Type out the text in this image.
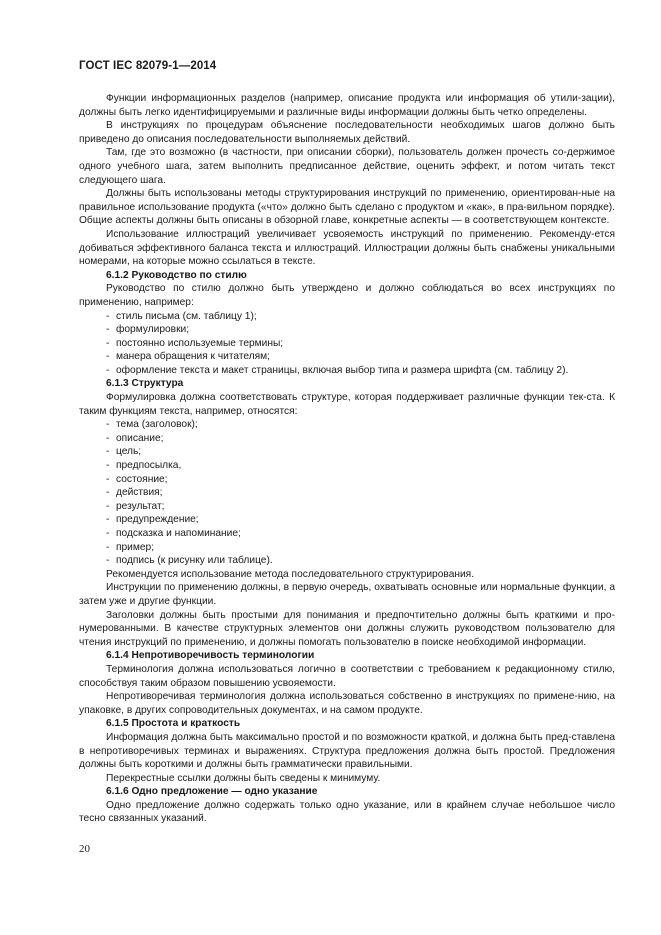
ГОСТ IEC 82079-1—2014

Функции информационных разделов (например, описание продукта или информация об утили-зации), должны быть легко идентифицируемыми и различные виды информации должны быть четко определены.

В инструкциях по процедурам объяснение последовательности необходимых шагов должно быть приведено до описания последовательности выполняемых действий.

Там, где это возможно (в частности, при описании сборки), пользователь должен прочесть со-держимое одного учебного шага, затем выполнить предписанное действие, оценить эффект, и потом читать текст следующего шага.

Должны быть использованы методы структурирования инструкций по применению, ориентирован-ные на правильное использование продукта («что» должно быть сделано с продуктом и «как», в пра-вильном порядке). Общие аспекты должны быть описаны в обзорной главе, конкретные аспекты — в соответствующем контексте.

Использование иллюстраций увеличивает усвояемость инструкций по применению. Рекоменду-ется добиваться эффективного баланса текста и иллюстраций. Иллюстрации должны быть снабжены уникальными номерами, на которые можно ссылаться в тексте.

6.1.2 Руководство по стилю

Руководство по стилю должно быть утверждено и должно соблюдаться во всех инструкциях по применению, например:

- стиль письма (см. таблицу 1);
- формулировки;
- постоянно используемые термины;
- манера обращения к читателям;
- оформление текста и макет страницы, включая выбор типа и размера шрифта (см. таблицу 2).
6.1.3 Структура

Формулировка должна соответствовать структуре, которая поддерживает различные функции тек-ста. К таким функциям текста, например, относятся:

- тема (заголовок);
- описание;
- цель;
- предпосылка,
- состояние;
- действия;
- результат;
- предупреждение;
- подсказка и напоминание;
- пример;
- подпись (к рисунку или таблице).

Рекомендуется использование метода последовательного структурирования.

Инструкции по применению должны, в первую очередь, охватывать основные или нормальные функции, а затем уже и другие функции.

Заголовки должны быть простыми для понимания и предпочтительно должны быть краткими и про-нумерованными. В качестве структурных элементов они должны служить руководством пользователю для чтения инструкций по применению, и должны помогать пользователю в поиске необходимой информации.

6.1.4 Непротиворечивость терминологии

Терминология должна использоваться логично в соответствии с требованием к редакционному стилю, способствуя таким образом повышению усвояемости.

Непротиворечивая терминология должна использоваться собственно в инструкциях по примене-нию, на упаковке, в других сопроводительных документах, и на самом продукте.

6.1.5 Простота и краткость

Информация должна быть максимально простой и по возможности краткой, и должна быть пред-ставлена в непротиворечивых терминах и выражениях. Структура предложения должна быть простой. Предложения должны быть короткими и должны быть грамматически правильными.

Перекрестные ссылки должны быть сведены к минимуму.

6.1.6 Одно предложение — одно указание

Одно предложение должно содержать только одно указание, или в крайнем случае небольшое число тесно связанных указаний.

20
